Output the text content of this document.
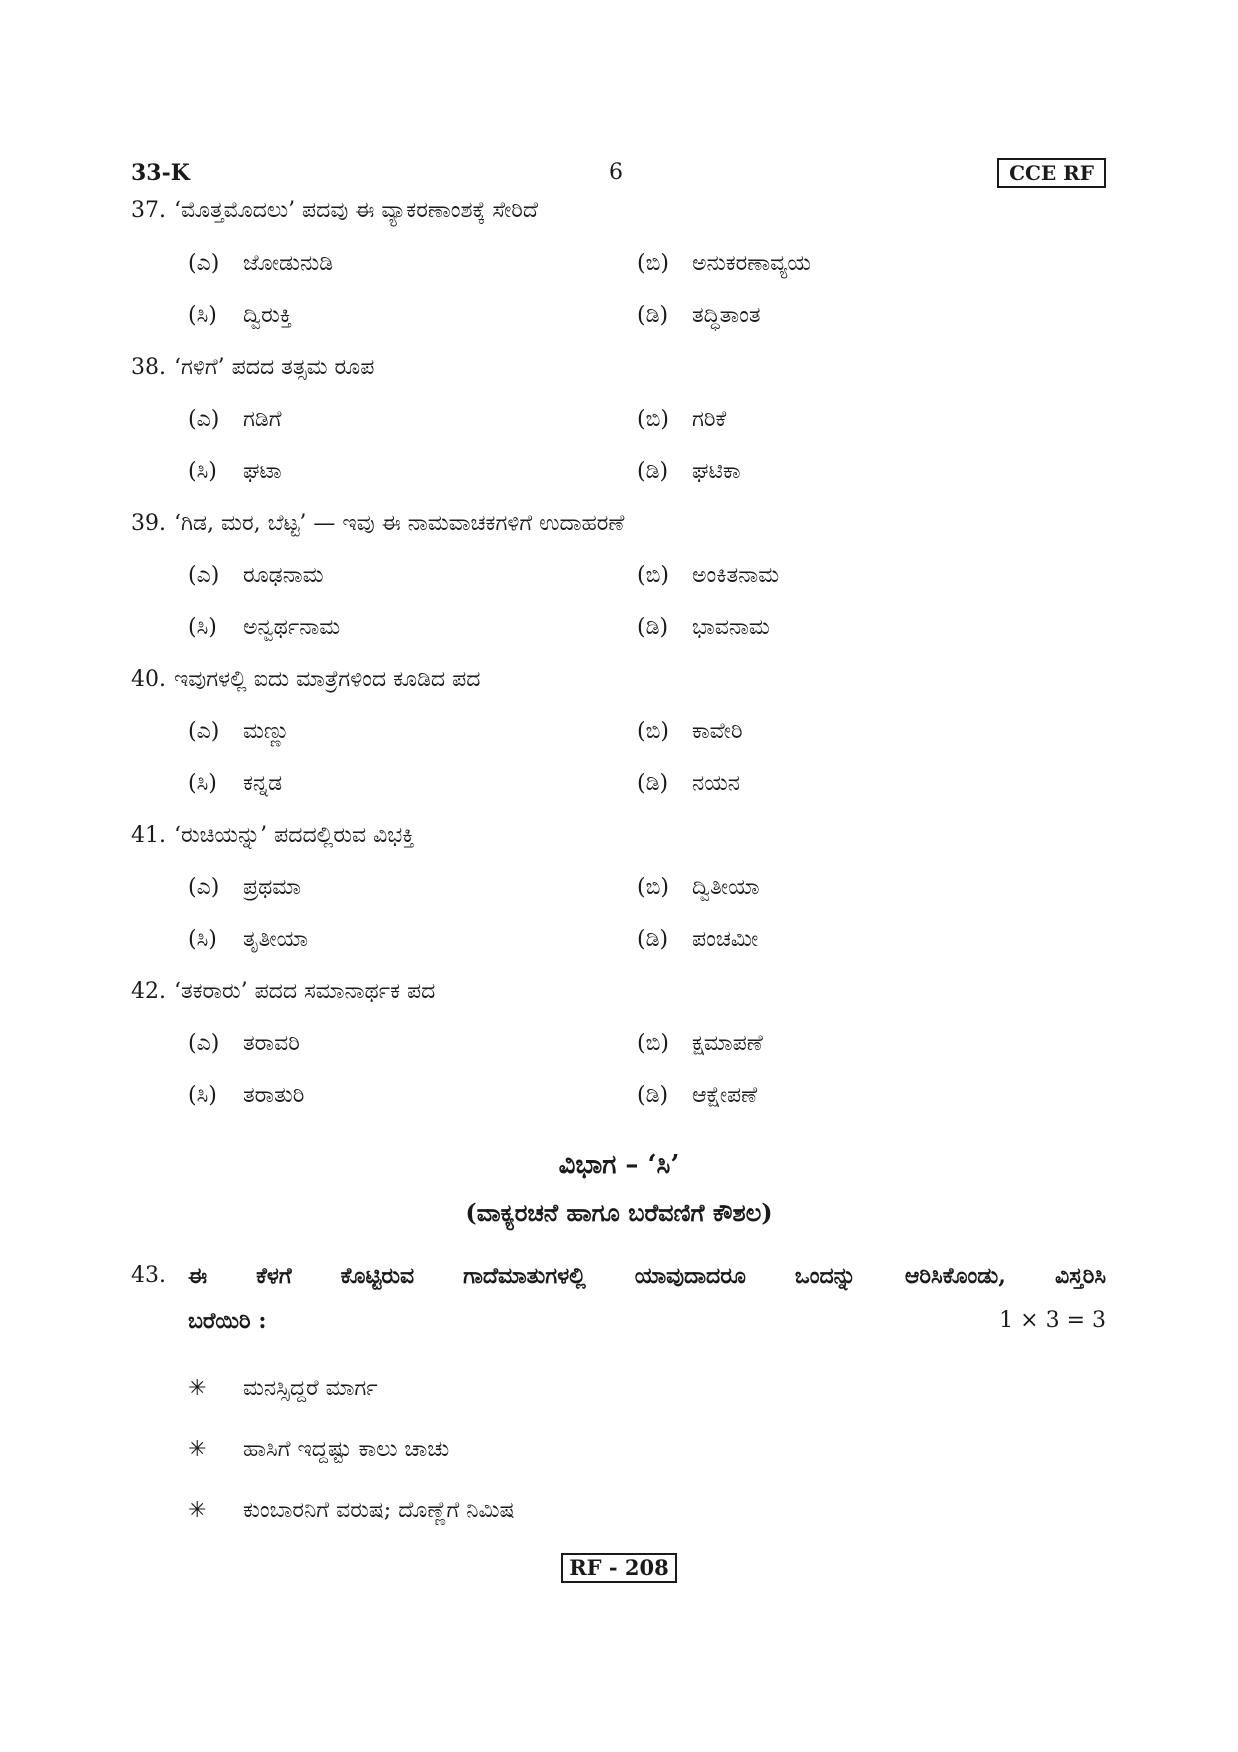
33-K	6	CCE RF
37. ‘ಮೊತ್ತಮೊದಲು’ ಪದವು ಈ ವ್ಯಾಕರಣಾಂಶಕ್ಕೆ ಸೇರಿದೆ
(ಎ) ಜೋಡುನುಡಿ	(ಬಿ) ಅನುಕರಣಾವ್ಯಯ
(ಸಿ) ದ್ವಿರುಕ್ತಿ	(ಡಿ) ತದ್ಧಿತಾಂತ
38. ‘ಗಳಿಗೆ’ ಪದದ ತತ್ಸಮ ರೂಪ
(ಎ) ಗಡಿಗೆ	(ಬಿ) ಗರಿಕೆ
(ಸಿ) ಘಟಾ	(ಡಿ) ಘಟಿಕಾ
39. ‘ಗಿಡ, ಮರ, ಬೆಟ್ಟ’ — ಇವು ಈ ನಾಮವಾಚಕಗಳಿಗೆ ಉದಾಹರಣೆ
(ಎ) ರೂಢನಾಮ	(ಬಿ) ಅಂಕಿತನಾಮ
(ಸಿ) ಅನ್ವರ್ಥನಾಮ	(ಡಿ) ಭಾವನಾಮ
40. ಇವುಗಳಲ್ಲಿ ಐದು ಮಾತ್ರೆಗಳಿಂದ ಕೂಡಿದ ಪದ
(ಎ) ಮಣ್ಣು	(ಬಿ) ಕಾವೇರಿ
(ಸಿ) ಕನ್ನಡ	(ಡಿ) ನಯನ
41. ‘ರುಚಿಯನ್ನು’ ಪದದಲ್ಲಿರುವ ವಿಭಕ್ತಿ
(ಎ) ಪ್ರಥಮಾ	(ಬಿ) ದ್ವಿತೀಯಾ
(ಸಿ) ತೃತೀಯಾ	(ಡಿ) ಪಂಚಮೀ
42. ‘ತಕರಾರು’ ಪದದ ಸಮಾನಾರ್ಥಕ ಪದ
(ಎ) ತರಾವರಿ	(ಬಿ) ಕ್ಷಮಾಪಣೆ
(ಸಿ) ತರಾತುರಿ	(ಡಿ) ಆಕ್ಷೇಪಣೆ
ವಿಭಾಗ – ‘ಸಿ’
(ವಾಕ್ಯರಚನೆ ಹಾಗೂ ಬರೆವಣಿಗೆ ಕೌಶಲ)
43.	ಈ ಕೆಳಗೆ ಕೊಟ್ಟಿರುವ ಗಾದೆಮಾತುಗಳಲ್ಲಿ ಯಾವುದಾದರೂ ಒಂದನ್ನು ಆರಿಸಿಕೊಂಡು, ವಿಸ್ತರಿಸಿ
ಬರೆಯಿರಿ :	1 × 3 = 3
✳ ಮನಸ್ಸಿದ್ದರೆ ಮಾರ್ಗ
✳ ಹಾಸಿಗೆ ಇದ್ದಷ್ಟು ಕಾಲು ಚಾಚು
✳ ಕುಂಬಾರನಿಗೆ ವರುಷ; ದೊಣ್ಣೆಗೆ ನಿಮಿಷ
RF - 208
